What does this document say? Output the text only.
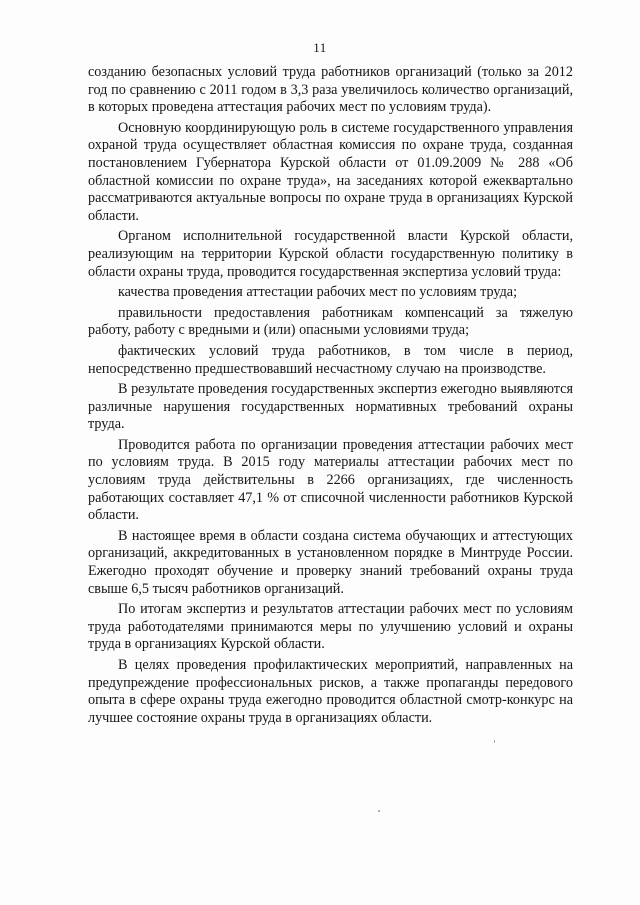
11

созданию безопасных условий труда работников организаций (только за 2012 год по сравнению с 2011 годом в 3,3 раза увеличилось количество организаций, в которых проведена аттестация рабочих мест по условиям труда).

Основную координирующую роль в системе государственного управления охраной труда осуществляет областная комиссия по охране труда, созданная постановлением Губернатора Курской области от 01.09.2009 № 288 «Об областной комиссии по охране труда», на заседаниях которой ежеквартально рассматриваются актуальные вопросы по охране труда в организациях Курской области.

Органом исполнительной государственной власти Курской области, реализующим на территории Курской области государственную политику в области охраны труда, проводится государственная экспертиза условий труда:

качества проведения аттестации рабочих мест по условиям труда;

правильности предоставления работникам компенсаций за тяжелую работу, работу с вредными и (или) опасными условиями труда;

фактических условий труда работников, в том числе в период, непосредственно предшествовавший несчастному случаю на производстве.

В результате проведения государственных экспертиз ежегодно выявляются различные нарушения государственных нормативных требований охраны труда.

Проводится работа по организации проведения аттестации рабочих мест по условиям труда. В 2015 году материалы аттестации рабочих мест по условиям труда действительны в 2266 организациях, где численность работающих составляет 47,1 % от списочной численности работников Курской области.

В настоящее время в области создана система обучающих и аттестующих организаций, аккредитованных в установленном порядке в Минтруде России. Ежегодно проходят обучение и проверку знаний требований охраны труда свыше 6,5 тысяч работников организаций.

По итогам экспертиз и результатов аттестации рабочих мест по условиям труда работодателями принимаются меры по улучшению условий и охраны труда в организациях Курской области.

В целях проведения профилактических мероприятий, направленных на предупреждение профессиональных рисков, а также пропаганды передового опыта в сфере охраны труда ежегодно проводится областной смотр-конкурс на лучшее состояние охраны труда в организациях области.
